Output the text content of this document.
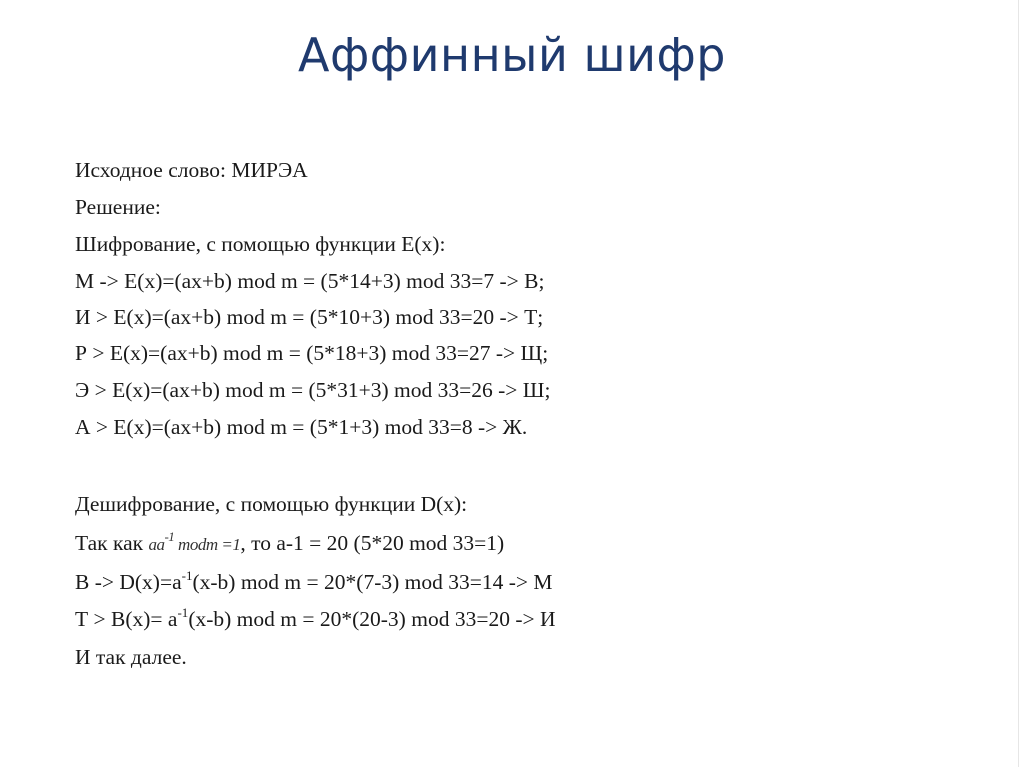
Аффинный шифр
Исходное слово: МИРЭА
Решение:
Шифрование, с помощью функции E(x):
М -> E(x)=(ax+b) mod m = (5*14+3) mod 33=7 -> В;
И > E(x)=(ax+b) mod m = (5*10+3) mod 33=20 -> Т;
Р > E(x)=(ax+b) mod m = (5*18+3) mod 33=27 -> Щ;
Э > E(x)=(ax+b) mod m = (5*31+3) mod 33=26 -> Ш;
А > E(x)=(ax+b) mod m = (5*1+3) mod 33=8 -> Ж.
Дешифрование, с помощью функции D(x):
Так как $aa^{-1}$ modm =1, то a-1 = 20 (5*20 mod 33=1)
$В -> D(x)=a^{-1}(x-b)$ mod m = 20*(7-3) mod 33=14 -> М
$Т > B(x)= a^{-1}(x-b)$ mod m = 20*(20-3) mod 33=20 -> И
И так далее.
